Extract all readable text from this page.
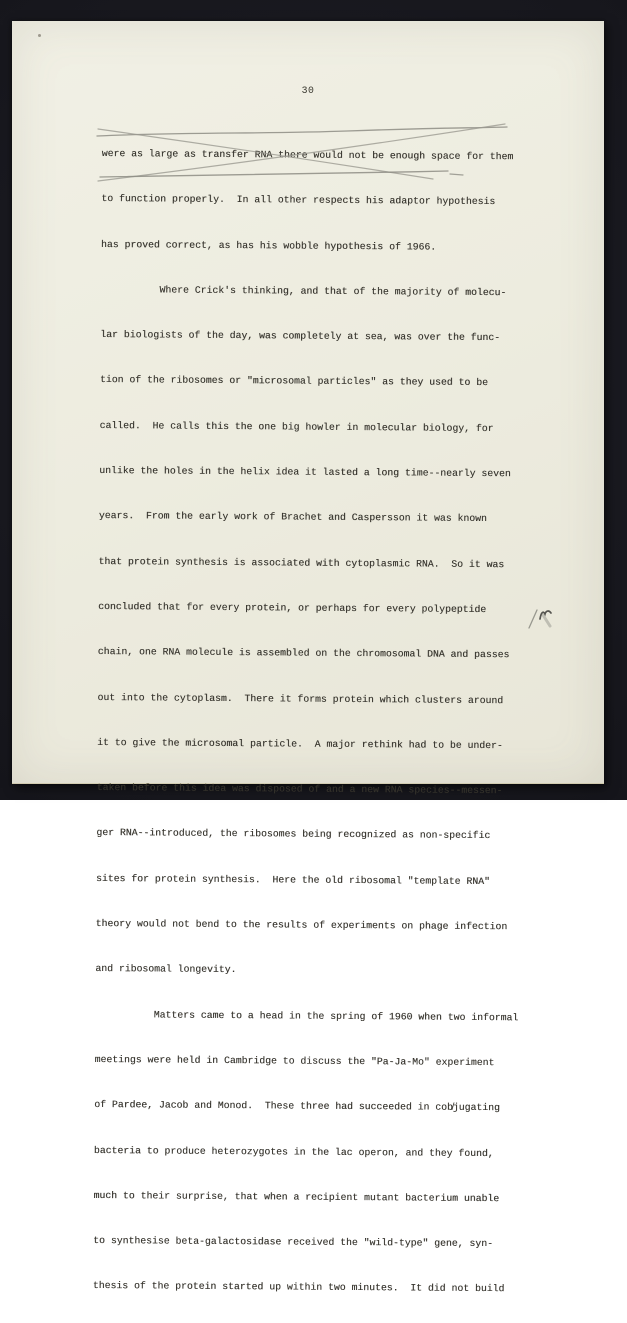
30

were as large as transfer RNA there would not be enough space for them

to function properly.  In all other respects his adaptor hypothesis

has proved correct, as has his wobble hypothesis of 1966.

Where Crick's thinking, and that of the majority of molecu-

lar biologists of the day, was completely at sea, was over the func-

tion of the ribosomes or "microsomal particles" as they used to be

called.  He calls this the one big howler in molecular biology, for

unlike the holes in the helix idea it lasted a long time--nearly seven

years.  From the early work of Brachet and Caspersson it was known

that protein synthesis is associated with cytoplasmic RNA.  So it was

concluded that for every protein, or perhaps for every polypeptide

chain, one RNA molecule is assembled on the chromosomal DNA and passes

out into the cytoplasm.  There it forms protein which clusters around

it to give the microsomal particle.  A major rethink had to be under-

taken before this idea was disposed of and a new RNA species--messen-

ger RNA--introduced, the ribosomes being recognized as non-specific

sites for protein synthesis.  Here the old ribosomal "template RNA"

theory would not bend to the results of experiments on phage infection

and ribosomal longevity.

Matters came to a head in the spring of 1960 when two informal

meetings were held in Cambridge to discuss the "Pa-Ja-Mo" experiment

of Pardee, Jacob and Monod.  These three had succeeded in cob̸jugating

bacteria to produce heterozygotes in the lac operon, and they found,

much to their surprise, that when a recipient mutant bacterium unable

to synthesise beta-galactosidase received the "wild-type" gene, syn-

thesis of the protein started up within two minutes.  It did not build
